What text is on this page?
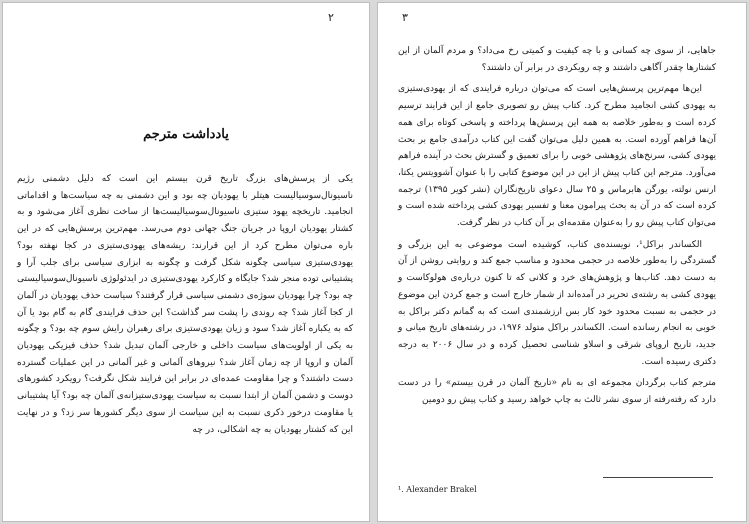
۲
یادداشت مترجم

یکی از پرسش‌های بزرگ تاریخ قرن بیستم این است که دلیل دشمنی رژیم ناسیونال‌سوسیالیست هیتلر با یهودیان چه بود و این دشمنی به چه سیاست‌ها و اقداماتی انجامید. تاریخچه یهود ستیزی ناسیونال‌سوسیالیست‌ها از ساخت نظری آغاز می‌شود و به کشتار یهودیان اروپا در جریان جنگ جهانی دوم می‌رسد. مهم‌ترین پرسش‌هایی که در این باره می‌توان مطرح کرد از این قرارند: ریشه‌های یهودی‌ستیزی در کجا نهفته بود؟ یهودی‌ستیزی سیاسی چگونه شکل گرفت و چگونه به ابزاری سیاسی برای جلب آرا و پشتیبانی توده منجر شد؟ جایگاه و کارکرد یهودی‌ستیزی در ایدئولوژی ناسیونال‌سوسیالیستی چه بود؟ چرا یهودیان سوژه‌ی دشمنی سیاسی قرار گرفتند؟ سیاست حذف یهودیان در آلمان از کجا آغاز شد؟ چه روندی را پشت سر گذاشت؟ این حذف فرایندی گام به گام بود یا آن که به یکباره آغاز شد؟ سود و زیان یهودی‌ستیزی برای رهبران رایش سوم چه بود؟ و چگونه به یکی از اولویت‌های سیاست داخلی و خارجی آلمان تبدیل شد؟ حذف فیزیکی یهودیان آلمان و اروپا از چه زمان آغاز شد؟ نیروهای آلمانی و غیر آلمانی در این عملیات گسترده دست داشتند؟ و چرا مقاومت عمده‌ای در برابر این فرایند شکل نگرفت؟ رویکرد کشورهای دوست و دشمن آلمان از ابتدا نسبت به سیاست یهودی‌ستیزانه‌ی آلمان چه بود؟ آیا پشتیبانی یا مقاومت درخور ذکری نسبت به این سیاست از سوی دیگر کشورها سر زد؟ و در نهایت این که کشتار یهودیان به چه اشکالی، در چه

۳

جاهایی، از سوی چه کسانی و با چه کیفیت و کمیتی رخ می‌داد؟ و مردم آلمان از این کشتارها چقدر آگاهی داشتند و چه رویکردی در برابر آن داشتند؟

این‌ها مهم‌ترین پرسش‌هایی است که می‌توان درباره فرایندی که از یهودی‌ستیزی به یهودی کشی انجامید مطرح کرد. کتاب پیش رو تصویری جامع از این فرایند ترسیم کرده است و به‌طور خلاصه به همه این پرسش‌ها پرداخته و پاسخی کوتاه برای همه آن‌ها فراهم آورده است. به همین دلیل می‌توان گفت این کتاب درآمدی جامع بر بحث یهودی کشی، سرنخ‌های پژوهشی خوبی را برای تعمیق و گسترش بحث در آینده فراهم می‌آورد. مترجم این کتاب پیش از این در این موضوع کتابی را با عنوان آشوویتس یکتا، ارنس نولته، یورگن هابرماس و ۲۵ سال دعوای تاریخ‌نگاران (نشر کویر ۱۳۹۵) ترجمه کرده است که در آن به بحث پیرامون معنا و تفسیر یهودی کشی پرداخته شده است و می‌توان کتاب پیش رو را به‌عنوان مقدمه‌ای بر آن کتاب در نظر گرفت.

الکساندر براکل¹، نویسنده‌ی کتاب، کوشیده است موضوعی به این بزرگی و گستردگی را به‌طور خلاصه در حجمی محدود و مناسب جمع کند و روایتی روشن از آن به دست دهد. کتاب‌ها و پژوهش‌های خرد و کلانی که تا کنون درباره‌ی هولوکاست و یهودی کشی به رشته‌ی تحریر در آمده‌اند از شمار خارج است و جمع کردن این موضوع در حجمی به نسبت محدود خود کار بس ارزشمندی است که به گمانم دکتر براکل به خوبی به انجام رسانده است. الکساندر براکل متولد ۱۹۷۶، در رشته‌های تاریخ میانی و جدید، تاریخ اروپای شرقی و اسلاو شناسی تحصیل کرده و در سال ۲۰۰۶ به درجه دکتری رسیده است.

مترجم کتاب برگردان مجموعه ای به نام «تاریخ آلمان در قرن بیستم» را در دست دارد که رفته‌رفته از سوی نشر ثالث به چاپ خواهد رسید و کتاب پیش رو دومین

¹. Alexander Brakel
